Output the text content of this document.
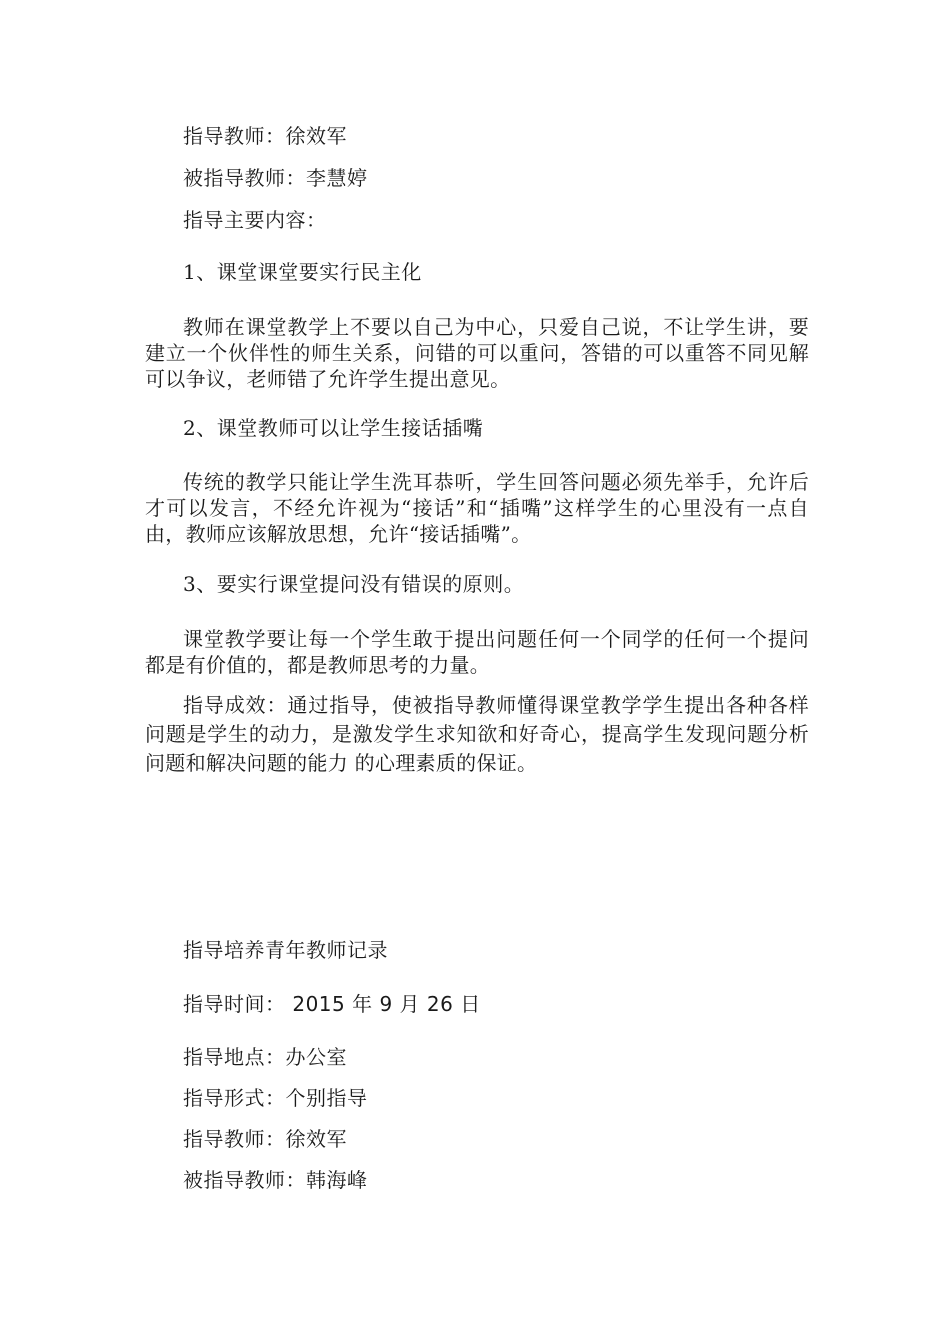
指导教师：徐效军
被指导教师：李慧婷
指导主要内容：
1、课堂课堂要实行民主化
教师在课堂教学上不要以自己为中心，只爱自己说，不让学生讲，要建立一个伙伴性的师生关系，问错的可以重问，答错的可以重答不同见解可以争议，老师错了允许学生提出意见。
2、课堂教师可以让学生接话插嘴
传统的教学只能让学生洗耳恭听，学生回答问题必须先举手，允许后才可以发言，不经允许视为“接话”和“插嘴”这样学生的心里没有一点自由，教师应该解放思想，允许“接话插嘴”。
3、要实行课堂提问没有错误的原则。
课堂教学要让每一个学生敢于提出问题任何一个同学的任何一个提问都是有价值的，都是教师思考的力量。
指导成效：通过指导，使被指导教师懂得课堂教学学生提出各种各样问题是学生的动力，是激发学生求知欲和好奇心，提高学生发现问题分析问题和解决问题的能力 的心理素质的保证。
指导培养青年教师记录
指导时间： 2015 年 9 月 26 日
指导地点：办公室
指导形式：个别指导
指导教师：徐效军
被指导教师：韩海峰
